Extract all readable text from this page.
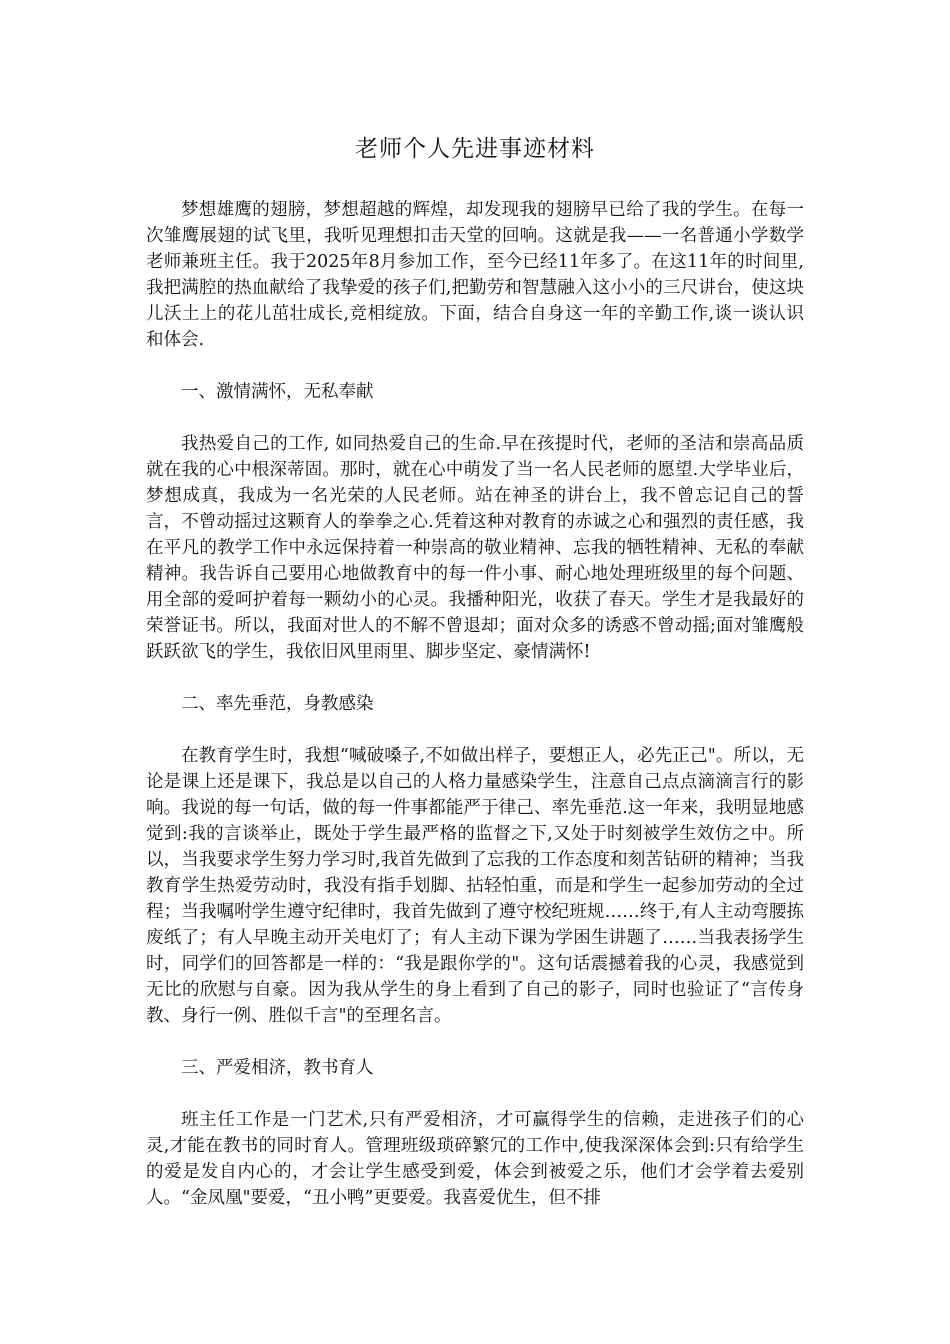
老师个人先进事迹材料

梦想雄鹰的翅膀，梦想超越的辉煌，却发现我的翅膀早已给了我的学生。在每一次雏鹰展翅的试飞里，我听见理想扣击天堂的回响。这就是我——一名普通小学数学老师兼班主任。我于2025年8月参加工作，至今已经11年多了。在这11年的时间里,我把满腔的热血献给了我挚爱的孩子们,把勤劳和智慧融入这小小的三尺讲台，使这块儿沃土上的花儿茁壮成长,竞相绽放。下面，结合自身这一年的辛勤工作,谈一谈认识和体会.

一、激情满怀，无私奉献

我热爱自己的工作, 如同热爱自己的生命.早在孩提时代，老师的圣洁和崇高品质就在我的心中根深蒂固。那时，就在心中萌发了当一名人民老师的愿望.大学毕业后，梦想成真，我成为一名光荣的人民老师。站在神圣的讲台上，我不曾忘记自己的誓言，不曾动摇过这颗育人的拳拳之心.凭着这种对教育的赤诚之心和强烈的责任感，我在平凡的教学工作中永远保持着一种崇高的敬业精神、忘我的牺牲精神、无私的奉献精神。我告诉自己要用心地做教育中的每一件小事、耐心地处理班级里的每个问题、用全部的爱呵护着每一颗幼小的心灵。我播种阳光，收获了春天。学生才是我最好的荣誉证书。所以，我面对世人的不解不曾退却；面对众多的诱惑不曾动摇;面对雏鹰般跃跃欲飞的学生，我依旧风里雨里、脚步坚定、豪情满怀!

二、率先垂范，身教感染

在教育学生时，我想“喊破嗓子,不如做出样子，要想正人，必先正己"。所以，无论是课上还是课下，我总是以自己的人格力量感染学生，注意自己点点滴滴言行的影响。我说的每一句话，做的每一件事都能严于律己、率先垂范.这一年来，我明显地感觉到:我的言谈举止，既处于学生最严格的监督之下,又处于时刻被学生效仿之中。所以，当我要求学生努力学习时,我首先做到了忘我的工作态度和刻苦钻研的精神；当我教育学生热爱劳动时，我没有指手划脚、拈轻怕重，而是和学生一起参加劳动的全过程；当我嘱咐学生遵守纪律时，我首先做到了遵守校纪班规……终于,有人主动弯腰拣废纸了；有人早晚主动开关电灯了；有人主动下课为学困生讲题了……当我表扬学生时，同学们的回答都是一样的：“我是跟你学的"。这句话震撼着我的心灵，我感觉到无比的欣慰与自豪。因为我从学生的身上看到了自己的影子，同时也验证了“言传身教、身行一例、胜似千言"的至理名言。

三、严爱相济，教书育人

班主任工作是一门艺术,只有严爱相济，才可赢得学生的信赖，走进孩子们的心灵,才能在教书的同时育人。管理班级琐碎繁冗的工作中,使我深深体会到:只有给学生的爱是发自内心的，才会让学生感受到爱，体会到被爱之乐，他们才会学着去爱别人。“金凤凰"要爱，“丑小鸭”更要爱。我喜爱优生，但不排
